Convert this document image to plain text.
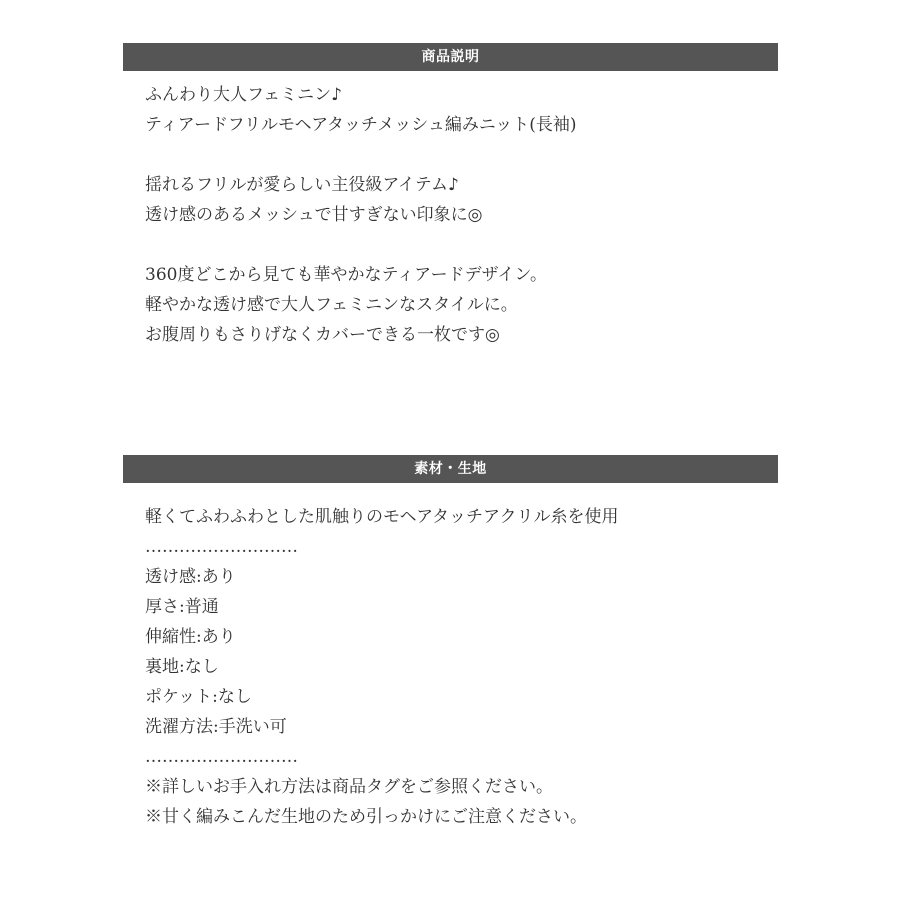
商品説明
ふんわり大人フェミニン♪
ティアードフリルモヘアタッチメッシュ編みニット(長袖)
揺れるフリルが愛らしい主役級アイテム♪
透け感のあるメッシュで甘すぎない印象に◎
360度どこから見ても華やかなティアードデザイン。
軽やかな透け感で大人フェミニンなスタイルに。
お腹周りもさりげなくカバーできる一枚です◎
素材・生地
軽くてふわふわとした肌触りのモヘアタッチアクリル糸を使用
………………………
透け感:あり
厚さ:普通
伸縮性:あり
裏地:なし
ポケット:なし
洗濯方法:手洗い可
………………………
※詳しいお手入れ方法は商品タグをご参照ください。
※甘く編みこんだ生地のため引っかけにご注意ください。
